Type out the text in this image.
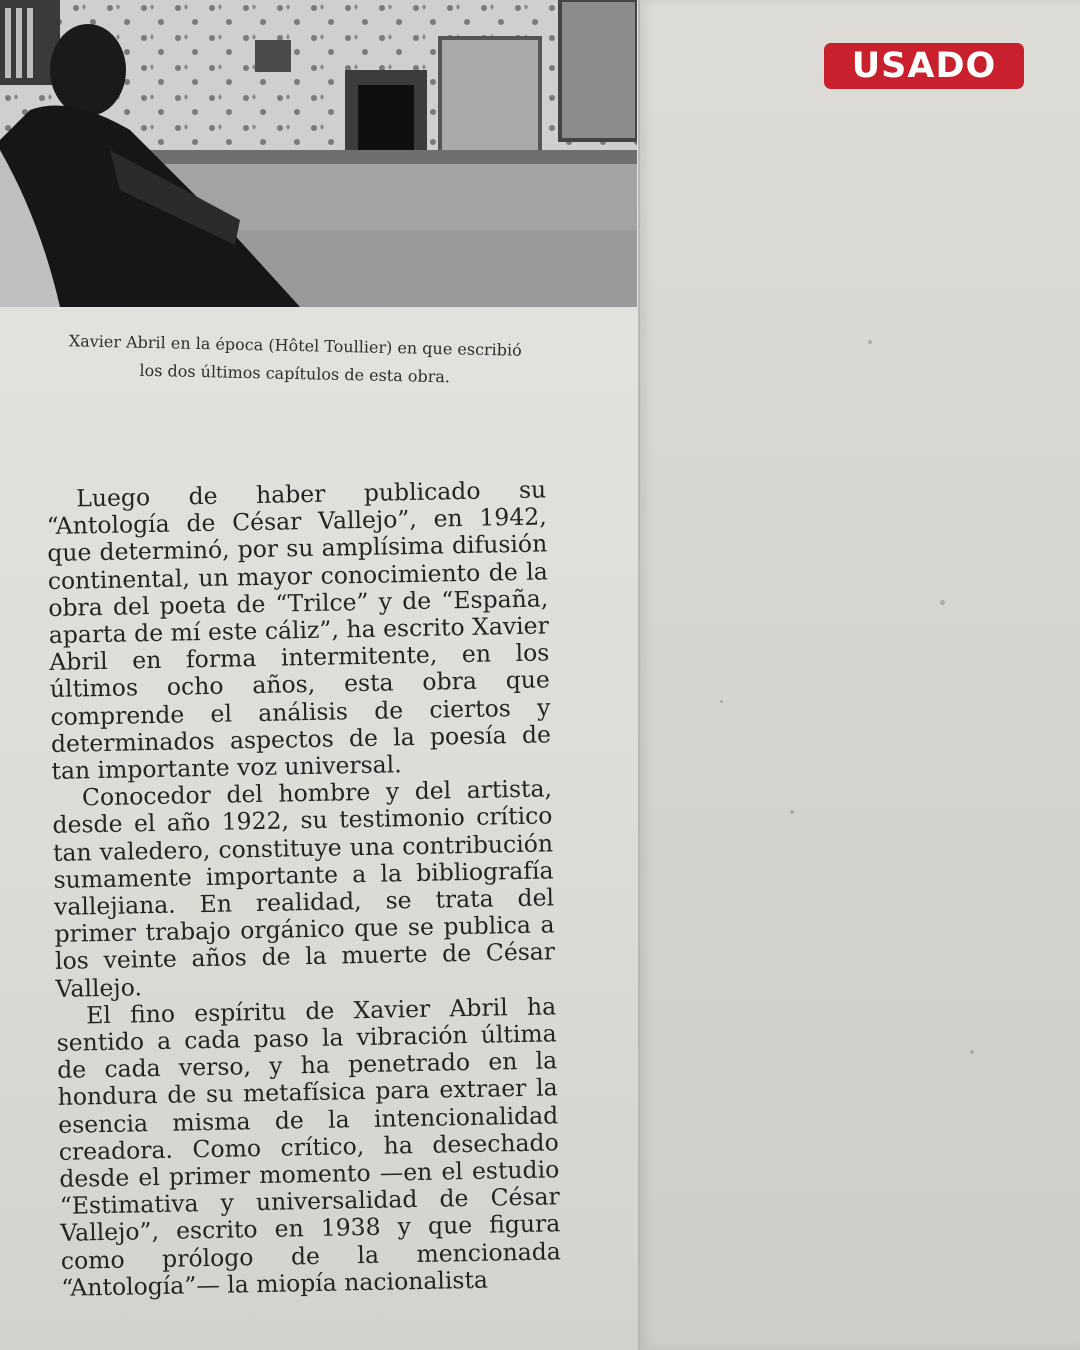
Xavier Abril en la época (Hôtel Toullier) en que escribió
los dos últimos capítulos de esta obra.

Luego de haber publicado su “Antología de César Vallejo”, en 1942, que determinó, por su amplísima difusión continental, un mayor conocimiento de la obra del poeta de “Trilce” y de “España, aparta de mí este cáliz”, ha escrito Xavier Abril en forma intermitente, en los últimos ocho años, esta obra que comprende el análisis de ciertos y determinados aspectos de la poesía de tan importante voz universal.

Conocedor del hombre y del artista, desde el año 1922, su testimonio crítico tan valedero, constituye una contribución sumamente importante a la bibliografía vallejiana. En realidad, se trata del primer trabajo orgánico que se publica a los veinte años de la muerte de César Vallejo.

El fino espíritu de Xavier Abril ha sentido a cada paso la vibración última de cada verso, y ha penetrado en la hondura de su metafísica para extraer la esencia misma de la intencionalidad creadora. Como crítico, ha desechado desde el primer momento —en el estudio “Estimativa y universalidad de César Vallejo”, escrito en 1938 y que figura como prólogo de la mencionada “Antología”— la miopía nacionalista

USADO
